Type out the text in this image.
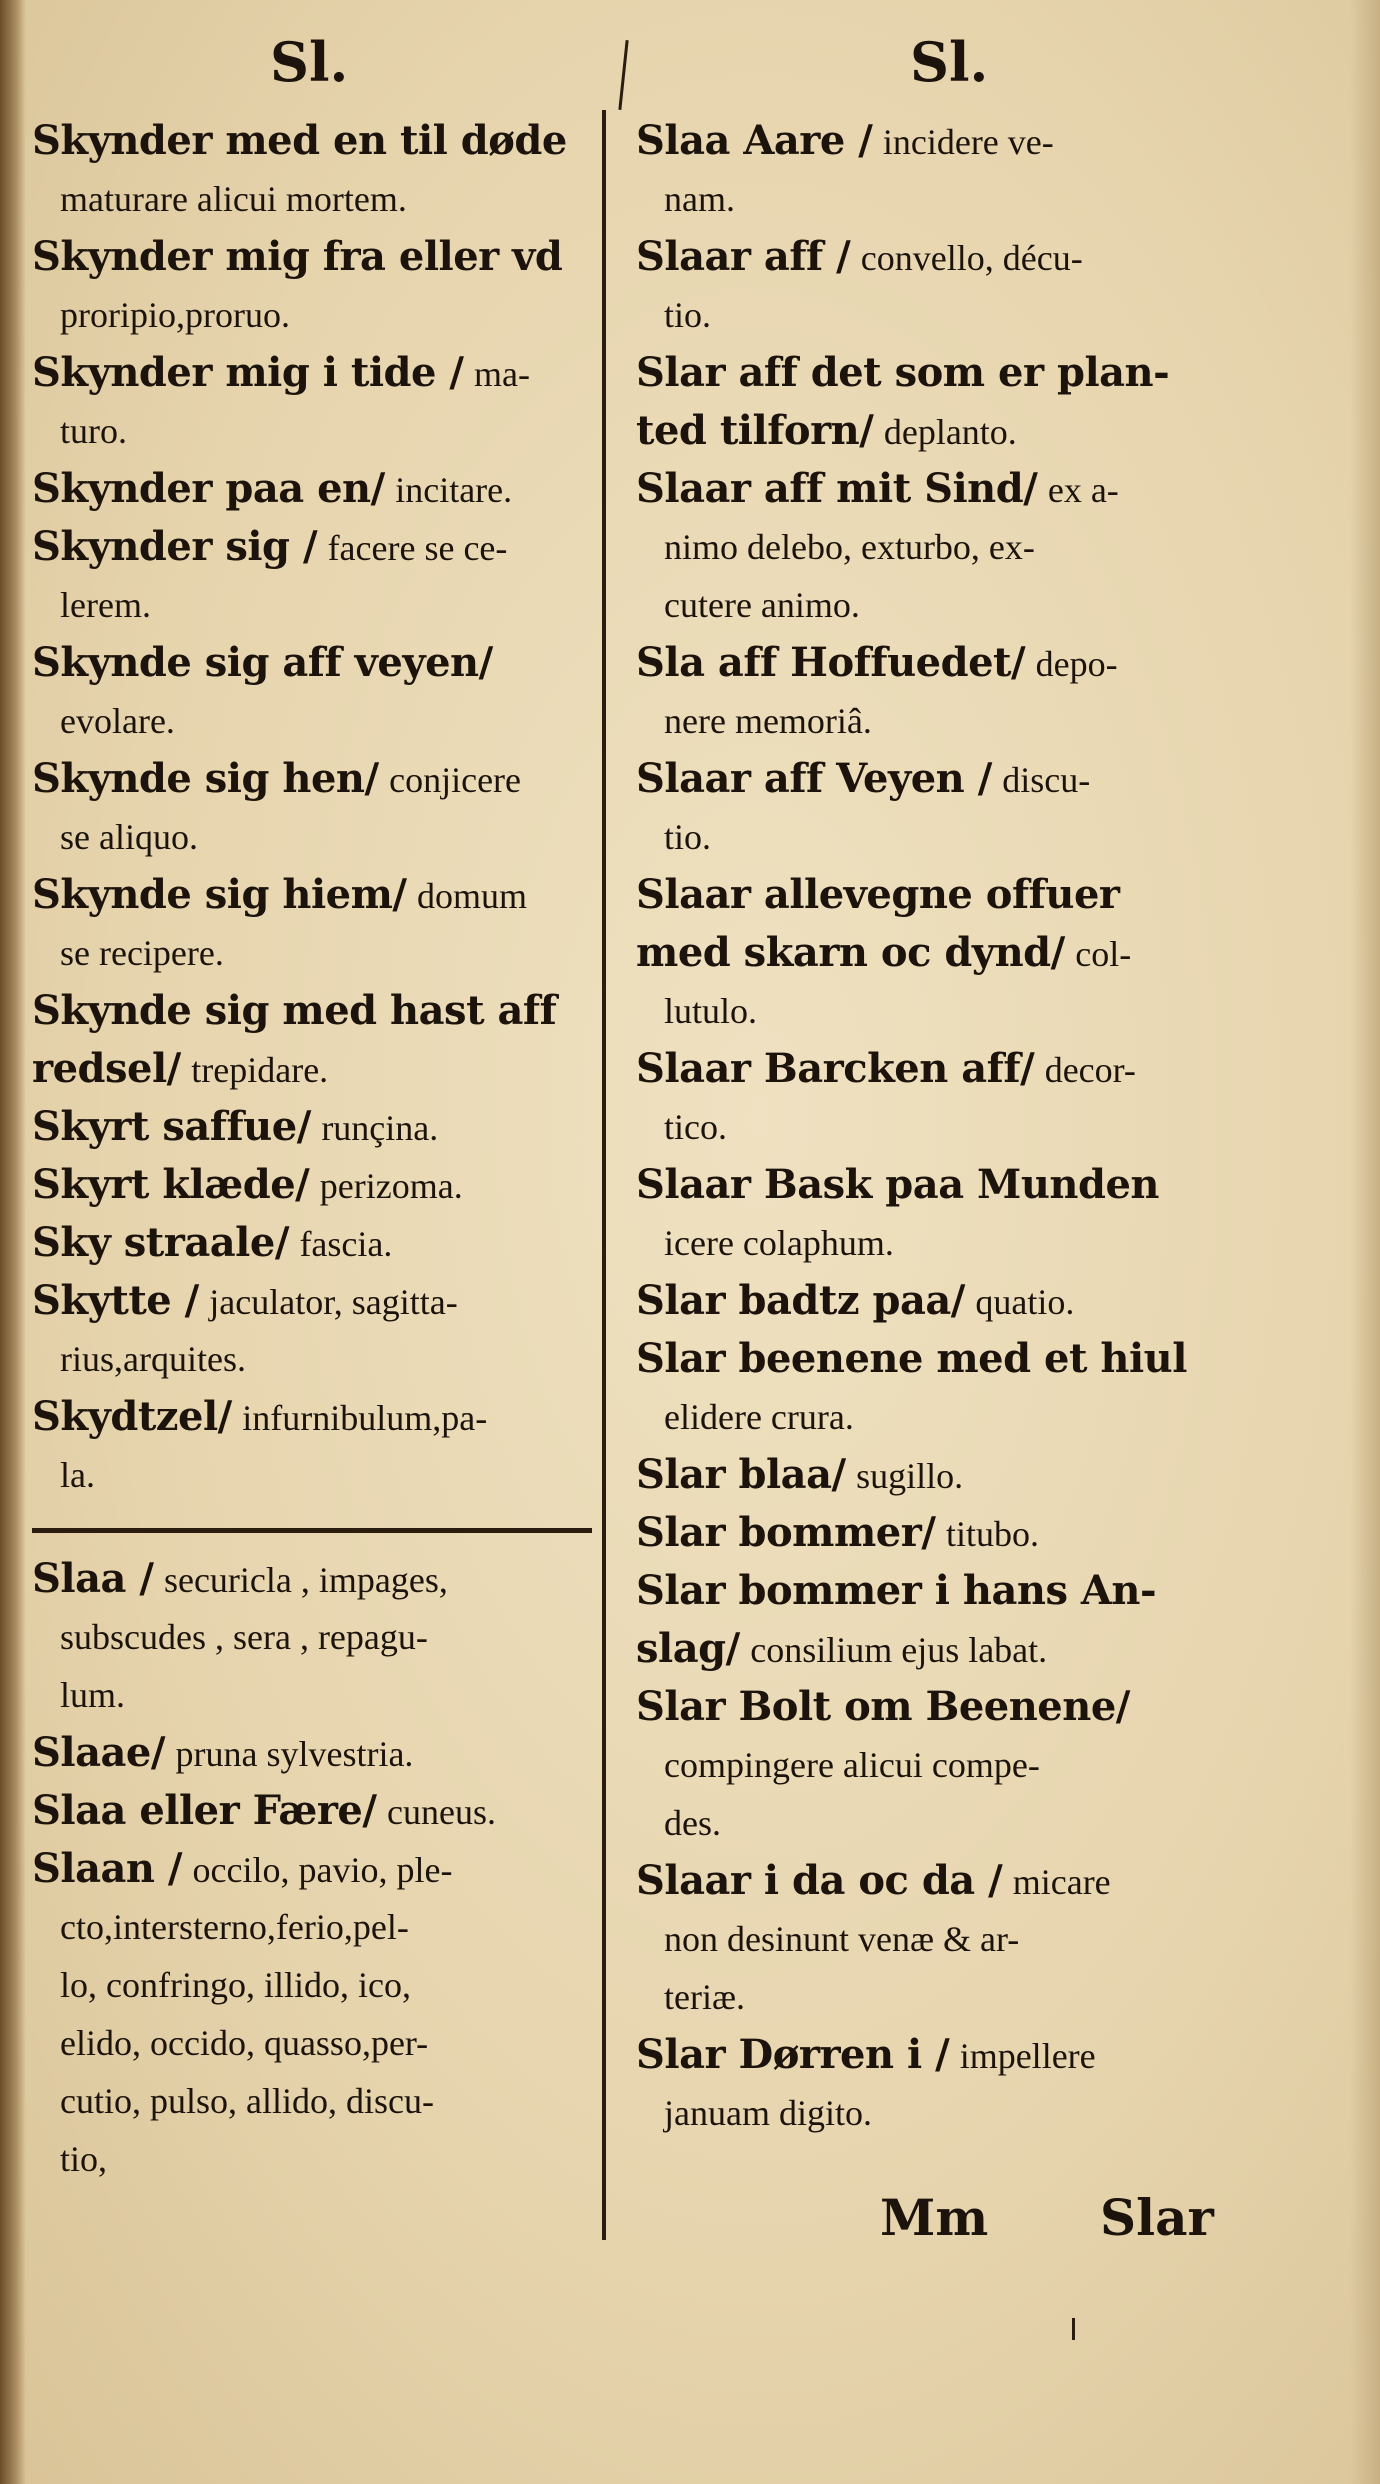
Sl.	Sl.
Skynder med en til døde
maturare alicui mortem.
Skynder mig fra eller vd
proripio,proruo.
Skynder mig i tide / ma-
turo.
Skynder paa en/ incitare.
Skynder sig / facere se ce-
lerem.
Skynde sig aff veyen/
evolare.
Skynde sig hen/ conjicere
se aliquo.
Skynde sig hiem/ domum
se recipere.
Skynde sig med hast aff
redsel/ trepidare.
Skyrt saffue/ runçina.
Skyrt klæde/ perizoma.
Sky straale/ fascia.
Skytte / jaculator, sagitta-
rius,arquites.
Skydtzel/ infurnibulum,pa-
la.
Slaa / securicla , impages,
subscudes , sera , repagu-
lum.
Slaae/ pruna sylvestria.
Slaa eller Fære/ cuneus.
Slaan / occilo, pavio, ple-
cto,intersterno,ferio,pel-
lo, confringo, illido, ico,
elido, occido, quasso,per-
cutio, pulso, allido, discu-
tio,
Slaa Aare / incidere ve-
nam.
Slaar aff / convello, décu-
tio.
Slar aff det som er plan-
ted tilforn/ deplanto.
Slaar aff mit Sind/ ex a-
nimo delebo, exturbo, ex-
cutere animo.
Sla aff Hoffuedet/ depo-
nere memoriâ.
Slaar aff Veyen / discu-
tio.
Slaar allevegne offuer
med skarn oc dynd/ col-
lutulo.
Slaar Barcken aff/ decor-
tico.
Slaar Bask paa Munden
icere colaphum.
Slar badtz paa/ quatio.
Slar beenene med et hiul
elidere crura.
Slar blaa/ sugillo.
Slar bommer/ titubo.
Slar bommer i hans An-
slag/ consilium ejus labat.
Slar Bolt om Beenene/
compingere alicui compe-
des.
Slaar i da oc da / micare
non desinunt venæ & ar-
teriæ.
Slar Dørren i / impellere
januam digito.
Mm Slar
